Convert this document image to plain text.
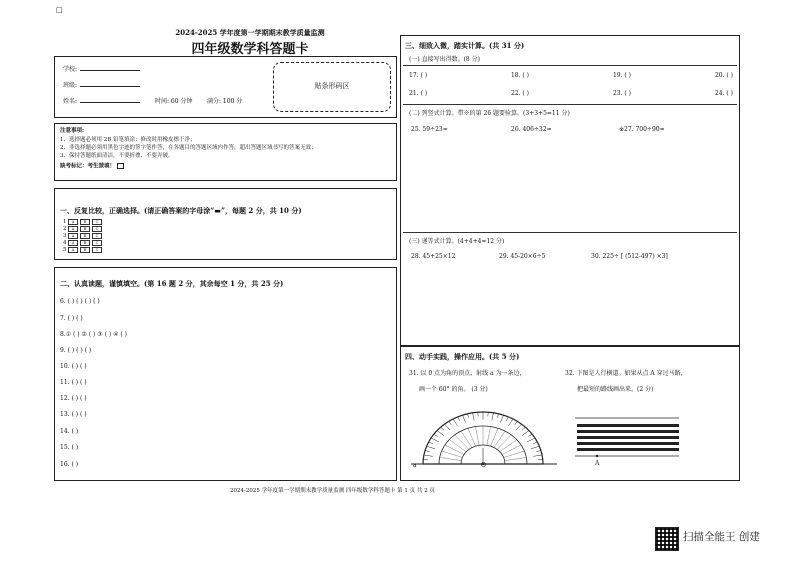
□
2024-2025 学年度第一学期期末教学质量监测
四年级数学科答题卡
学校:
班级:
姓名:	时间: 60 分钟 满分: 100 分
贴条形码区
注意事项:
1、选择题必须用 2B 铅笔填涂；修改时用橡皮擦干净；
2、非选择题必须用黑色字迹的签字笔作答，在各题目的答题区域内作答，超出答题区域书写的答案无效；
3、保持答题纸面清洁，不要折叠、不要弄破。
缺考标记：考生禁填！
一、反复比较，正确选择。(请正确答案的字母涂“▬”，每题 2 分，共 10 分)
1 A	B	C
2 A	B	C
3 A	B	C
4 A	B	C
5 A	B	C
二、认真读题，谨慎填空。(第 16 题 2 分，其余每空 1 分，共 25 分)
6. ( ) ( ) ( ) ( )
7. ( ) ( )
8.① ( ) ② ( ) ③ ( ) ④ ( )
9. ( ) ( ) ( )
10. ( ) ( )
11. ( ) ( )
12. ( ) ( )
13. ( ) ( )
14. ( )
15. ( )
16. ( )
三、细致入微，踏实计算。(共 31 分)
(一) 直接写出得数。(8 分)
17. ( )	18. ( )	19. ( )	20. ( )
21. ( )	22. ( )	23. ( )	24. ( )
(二) 列竖式计算。带※的第 26 题要验算。(3+3+5=11 分)
25. 59÷23=	26. 406÷32=	※27. 700÷90=
(三) 递等式计算。(4+4+4=12 分)
28. 45+25×12	29. 45-20×6÷5	30. 225÷ [ (512-497) ×3]
四、动手实践，操作应用。(共 5 分)
31. 以 0 点为角的顶点，射线 a 为一条边，
画一个 60° 的角。 (3 分)
32. 下图是人行横道。如果从点 A 穿过马路，
把最短的路线画出来。(2 分)
a	O	A
2024-2025 学年度第一学期期末教学质量监测 四年级数学科答题卡 第 1 页 共 2 页
扫描全能王 创建
